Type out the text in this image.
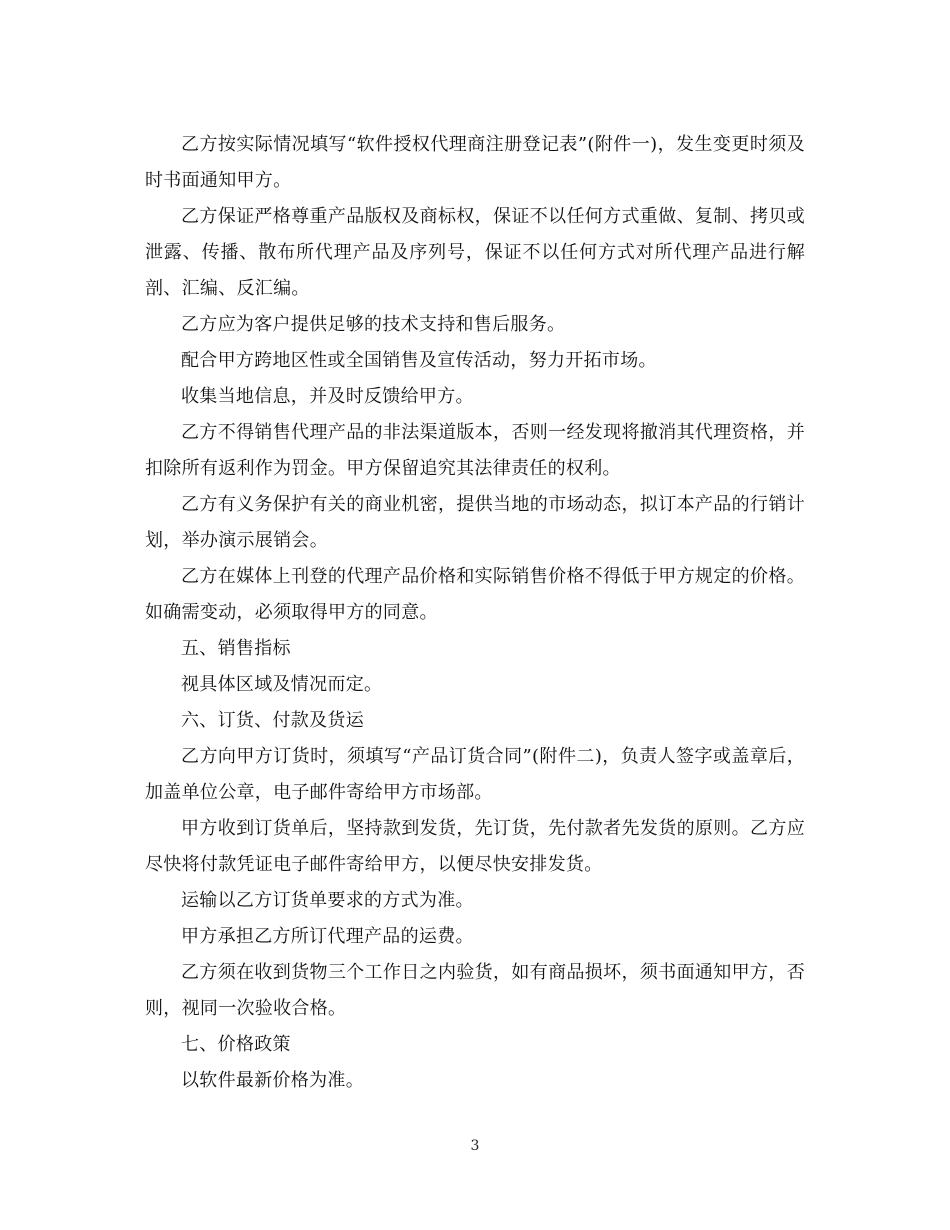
乙方按实际情况填写“软件授权代理商注册登记表”(附件一)，发生变更时须及时书面通知甲方。

乙方保证严格尊重产品版权及商标权，保证不以任何方式重做、复制、拷贝或泄露、传播、散布所代理产品及序列号，保证不以任何方式对所代理产品进行解剖、汇编、反汇编。

乙方应为客户提供足够的技术支持和售后服务。

配合甲方跨地区性或全国销售及宣传活动，努力开拓市场。

收集当地信息，并及时反馈给甲方。

乙方不得销售代理产品的非法渠道版本，否则一经发现将撤消其代理资格，并扣除所有返利作为罚金。甲方保留追究其法律责任的权利。

乙方有义务保护有关的商业机密，提供当地的市场动态，拟订本产品的行销计划，举办演示展销会。

乙方在媒体上刊登的代理产品价格和实际销售价格不得低于甲方规定的价格。如确需变动，必须取得甲方的同意。

五、销售指标

视具体区域及情况而定。

六、订货、付款及货运

乙方向甲方订货时，须填写“产品订货合同”(附件二)，负责人签字或盖章后，加盖单位公章，电子邮件寄给甲方市场部。

甲方收到订货单后，坚持款到发货，先订货，先付款者先发货的原则。乙方应尽快将付款凭证电子邮件寄给甲方，以便尽快安排发货。

运输以乙方订货单要求的方式为准。

甲方承担乙方所订代理产品的运费。

乙方须在收到货物三个工作日之内验货，如有商品损坏，须书面通知甲方，否则，视同一次验收合格。

七、价格政策

以软件最新价格为准。

3
